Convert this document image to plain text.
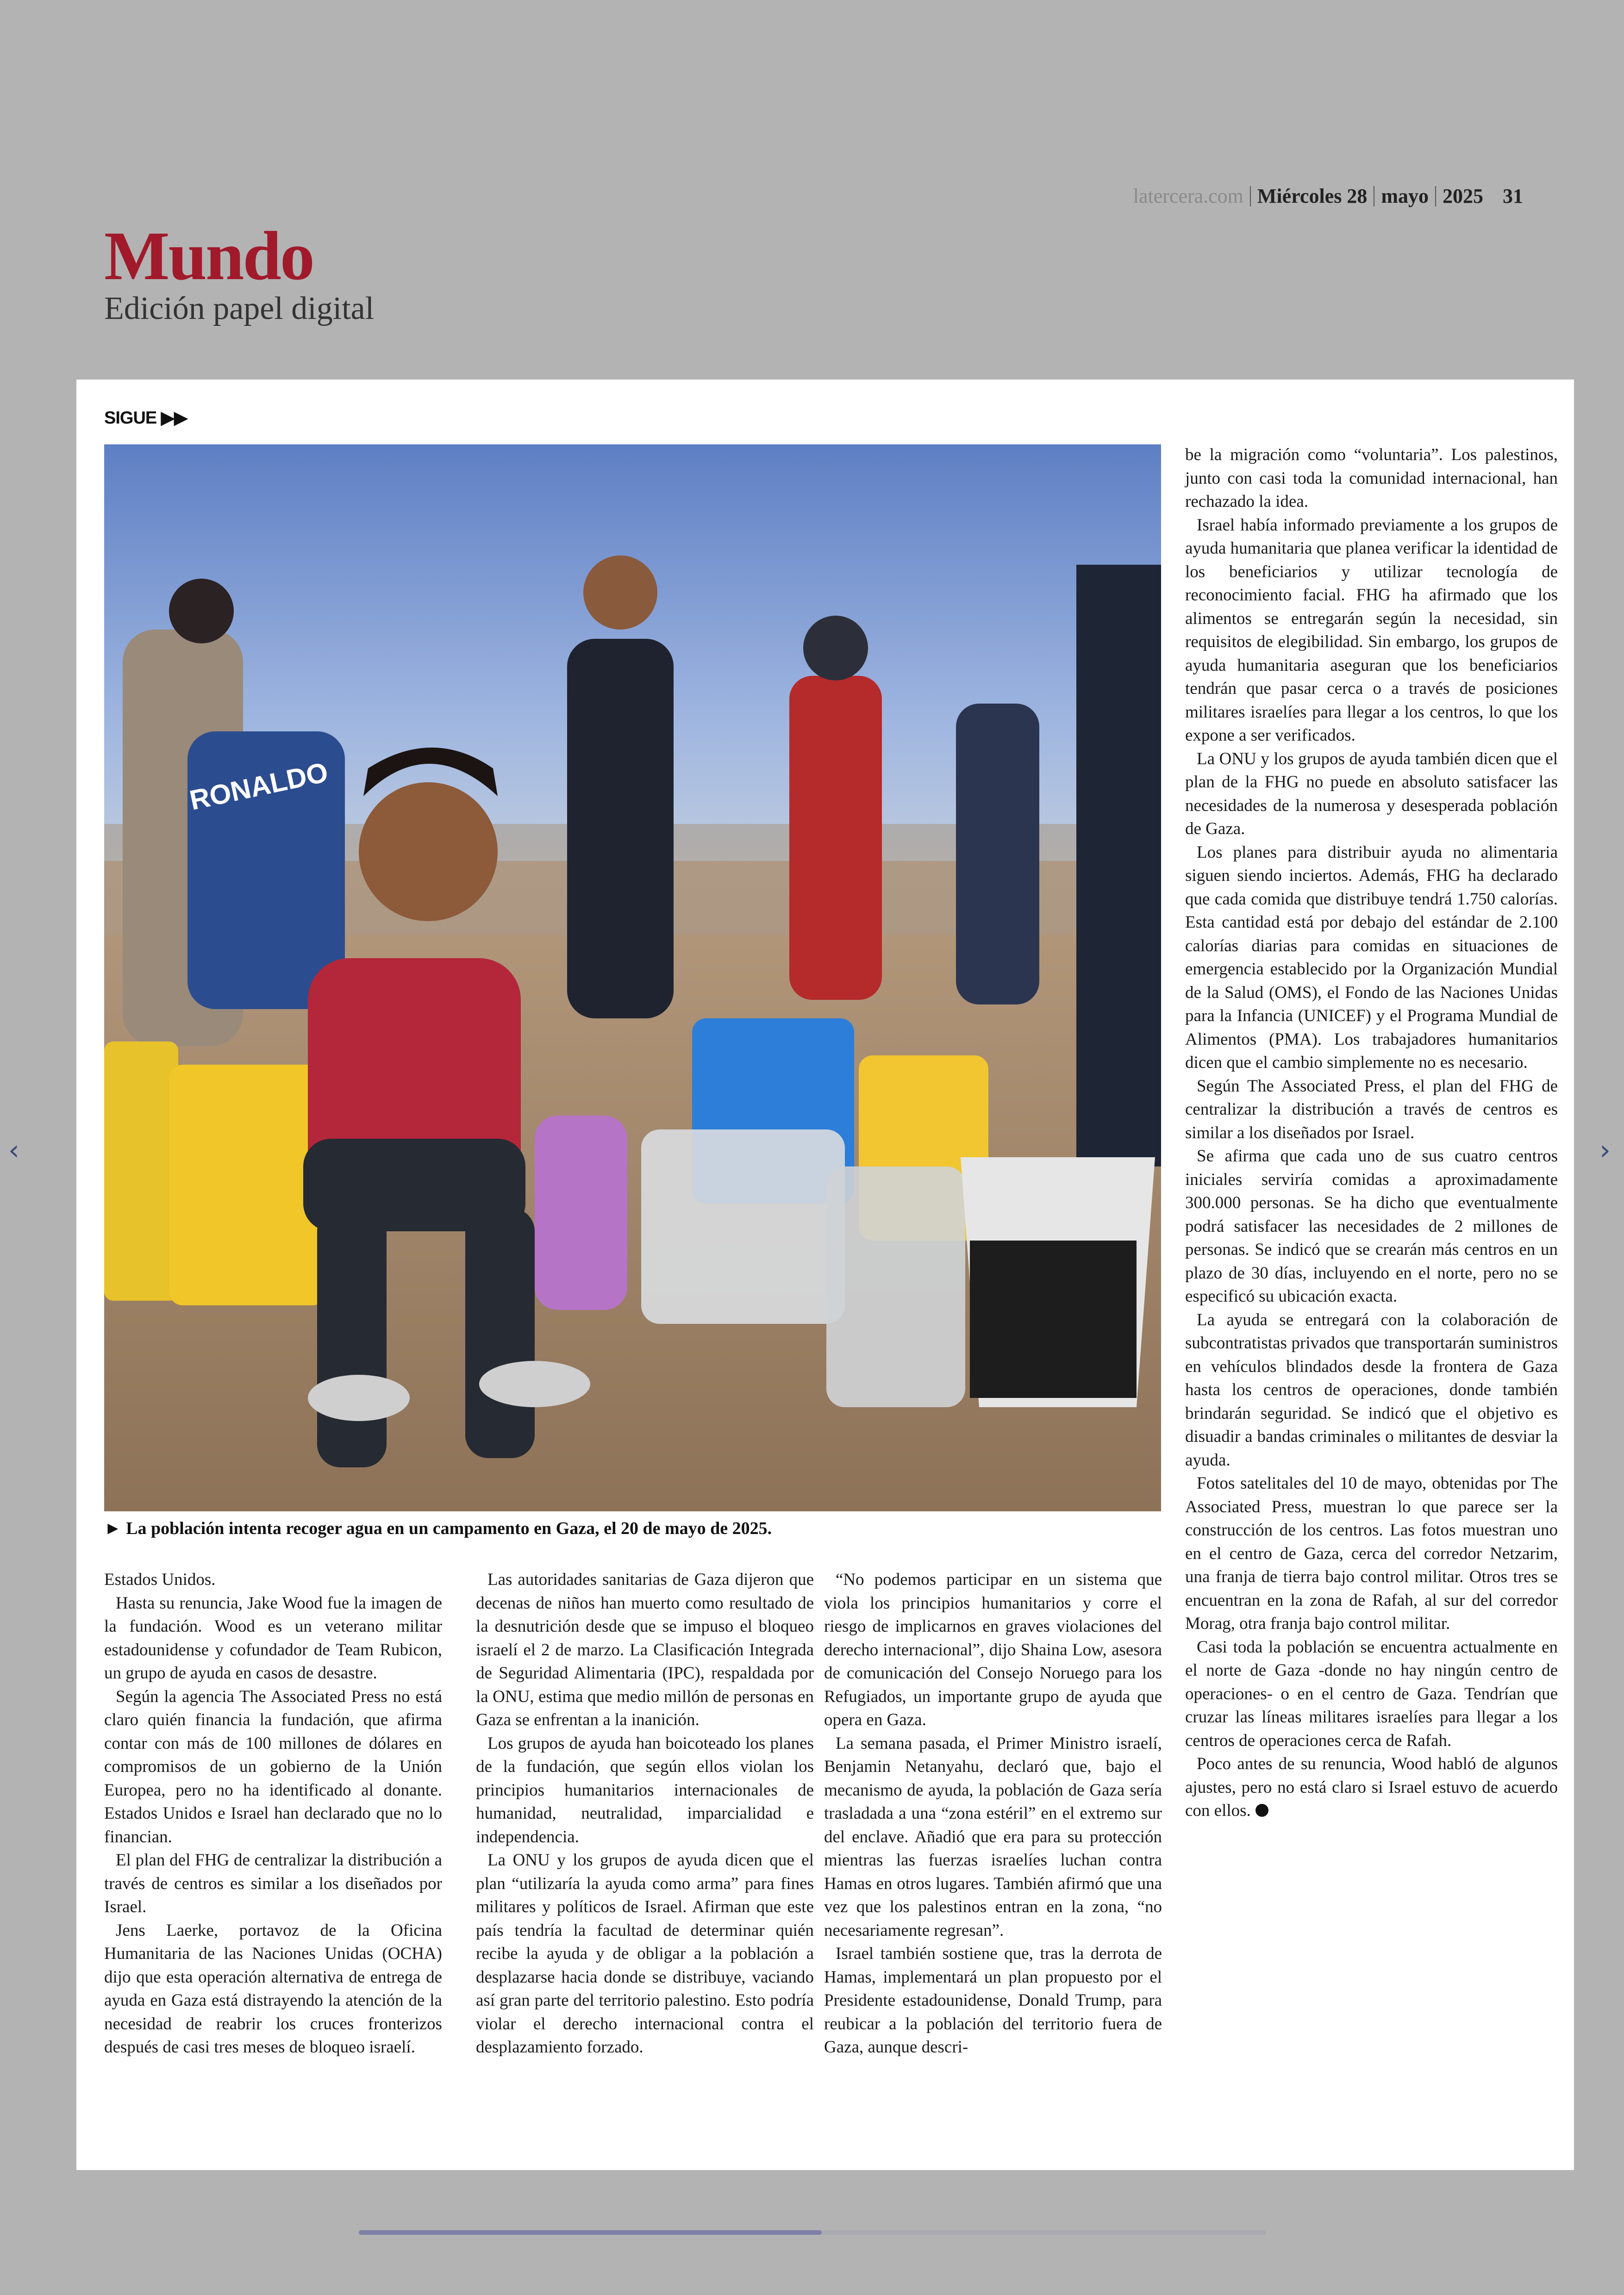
latercera.com Miércoles 28 mayo 2025 31
Mundo
Edición papel digital
SIGUE ▶▶
RONALDO
► La población intenta recoger agua en un campamento en Gaza, el 20 de mayo de 2025.

Estados Unidos.

Hasta su renuncia, Jake Wood fue la imagen de la fundación. Wood es un veterano militar estadounidense y cofundador de Team Rubicon, un grupo de ayuda en casos de desastre.

Según la agencia The Associated Press no está claro quién financia la fundación, que afirma contar con más de 100 millones de dólares en compromisos de un gobierno de la Unión Europea, pero no ha identificado al donante. Estados Unidos e Israel han declarado que no lo financian.

El plan del FHG de centralizar la distribución a través de centros es similar a los diseñados por Israel.

Jens Laerke, portavoz de la Oficina Humanitaria de las Naciones Unidas (OCHA) dijo que esta operación alternativa de entrega de ayuda en Gaza está distrayendo la atención de la necesidad de reabrir los cruces fronterizos después de casi tres meses de bloqueo israelí.

Las autoridades sanitarias de Gaza dijeron que decenas de niños han muerto como resultado de la desnutrición desde que se impuso el bloqueo israelí el 2 de marzo. La Clasificación Integrada de Seguridad Alimentaria (IPC), respaldada por la ONU, estima que medio millón de personas en Gaza se enfrentan a la inanición.

Los grupos de ayuda han boicoteado los planes de la fundación, que según ellos violan los principios humanitarios internacionales de humanidad, neutralidad, imparcialidad e independencia.

La ONU y los grupos de ayuda dicen que el plan “utilizaría la ayuda como arma” para fines militares y políticos de Israel. Afirman que este país tendría la facultad de determinar quién recibe la ayuda y de obligar a la población a desplazarse hacia donde se distribuye, vaciando así gran parte del territorio palestino. Esto podría violar el derecho internacional contra el desplazamiento forzado.

“No podemos participar en un sistema que viola los principios humanitarios y corre el riesgo de implicarnos en graves violaciones del derecho internacional”, dijo Shaina Low, asesora de comunicación del Consejo Noruego para los Refugiados, un importante grupo de ayuda que opera en Gaza.

La semana pasada, el Primer Ministro israelí, Benjamin Netanyahu, declaró que, bajo el mecanismo de ayuda, la población de Gaza sería trasladada a una “zona estéril” en el extremo sur del enclave. Añadió que era para su protección mientras las fuerzas israelíes luchan contra Hamas en otros lugares. También afirmó que una vez que los palestinos entran en la zona, “no necesariamente regresan”.

Israel también sostiene que, tras la derrota de Hamas, implementará un plan propuesto por el Presidente estadounidense, Donald Trump, para reubicar a la población del territorio fuera de Gaza, aunque descri-

be la migración como “voluntaria”. Los palestinos, junto con casi toda la comunidad internacional, han rechazado la idea.

Israel había informado previamente a los grupos de ayuda humanitaria que planea verificar la identidad de los beneficiarios y utilizar tecnología de reconocimiento facial. FHG ha afirmado que los alimentos se entregarán según la necesidad, sin requisitos de elegibilidad. Sin embargo, los grupos de ayuda humanitaria aseguran que los beneficiarios tendrán que pasar cerca o a través de posiciones militares israelíes para llegar a los centros, lo que los expone a ser verificados.

La ONU y los grupos de ayuda también dicen que el plan de la FHG no puede en absoluto satisfacer las necesidades de la numerosa y desesperada población de Gaza.

Los planes para distribuir ayuda no alimentaria siguen siendo inciertos. Además, FHG ha declarado que cada comida que distribuye tendrá 1.750 calorías. Esta cantidad está por debajo del estándar de 2.100 calorías diarias para comidas en situaciones de emergencia establecido por la Organización Mundial de la Salud (OMS), el Fondo de las Naciones Unidas para la Infancia (UNICEF) y el Programa Mundial de Alimentos (PMA). Los trabajadores humanitarios dicen que el cambio simplemente no es necesario.

Según The Associated Press, el plan del FHG de centralizar la distribución a través de centros es similar a los diseñados por Israel.

Se afirma que cada uno de sus cuatro centros iniciales serviría comidas a aproximadamente 300.000 personas. Se ha dicho que eventualmente podrá satisfacer las necesidades de 2 millones de personas. Se indicó que se crearán más centros en un plazo de 30 días, incluyendo en el norte, pero no se especificó su ubicación exacta.

La ayuda se entregará con la colaboración de subcontratistas privados que transportarán suministros en vehículos blindados desde la frontera de Gaza hasta los centros de operaciones, donde también brindarán seguridad. Se indicó que el objetivo es disuadir a bandas criminales o militantes de desviar la ayuda.

Fotos satelitales del 10 de mayo, obtenidas por The Associated Press, muestran lo que parece ser la construcción de los centros. Las fotos muestran uno en el centro de Gaza, cerca del corredor Netzarim, una franja de tierra bajo control militar. Otros tres se encuentran en la zona de Rafah, al sur del corredor Morag, otra franja bajo control militar.

Casi toda la población se encuentra actualmente en el norte de Gaza -donde no hay ningún centro de operaciones- o en el centro de Gaza. Tendrían que cruzar las líneas militares israelíes para llegar a los centros de operaciones cerca de Rafah.

Poco antes de su renuncia, Wood habló de algunos ajustes, pero no está claro si Israel estuvo de acuerdo con ellos.

‹	›
